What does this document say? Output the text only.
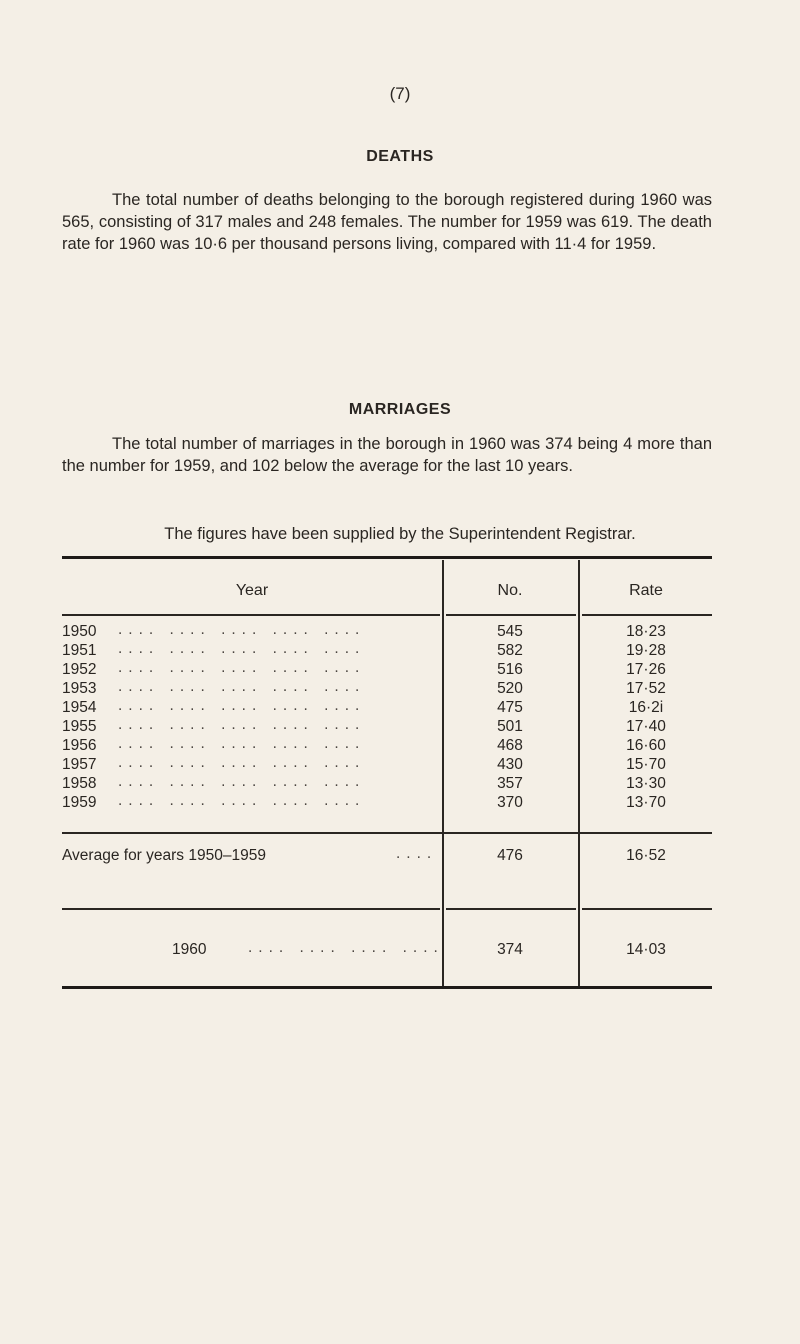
(7)
DEATHS

The total number of deaths belonging to the borough registered during 1960 was 565, consisting of 317 males and 248 females. The number for 1959 was 619. The death rate for 1960 was 10·6 per thousand persons living, compared with 11·4 for 1959.

MARRIAGES

The total number of marriages in the borough in 1960 was 374 being 4 more than the number for 1959, and 102 below the average for the last 10 years.

The figures have been supplied by the Superintendent Registrar.

Year	No.	Rate
1950 .... .... .... .... ....	545	18·23
1951 .... .... .... .... ....	582	19·28
1952 .... .... .... .... ....	516	17·26
1953 .... .... .... .... ....	520	17·52
1954 .... .... .... .... ....	475	16·2i
1955 .... .... .... .... ....	501	17·40
1956 .... .... .... .... ....	468	16·60
1957 .... .... .... .... ....	430	15·70
1958 .... .... .... .... ....	357	13·30
1959 .... .... .... .... ....	370	13·70
Average for years 1950–1959	....	476	16·52
1960	.... .... .... ....	374	14·03
